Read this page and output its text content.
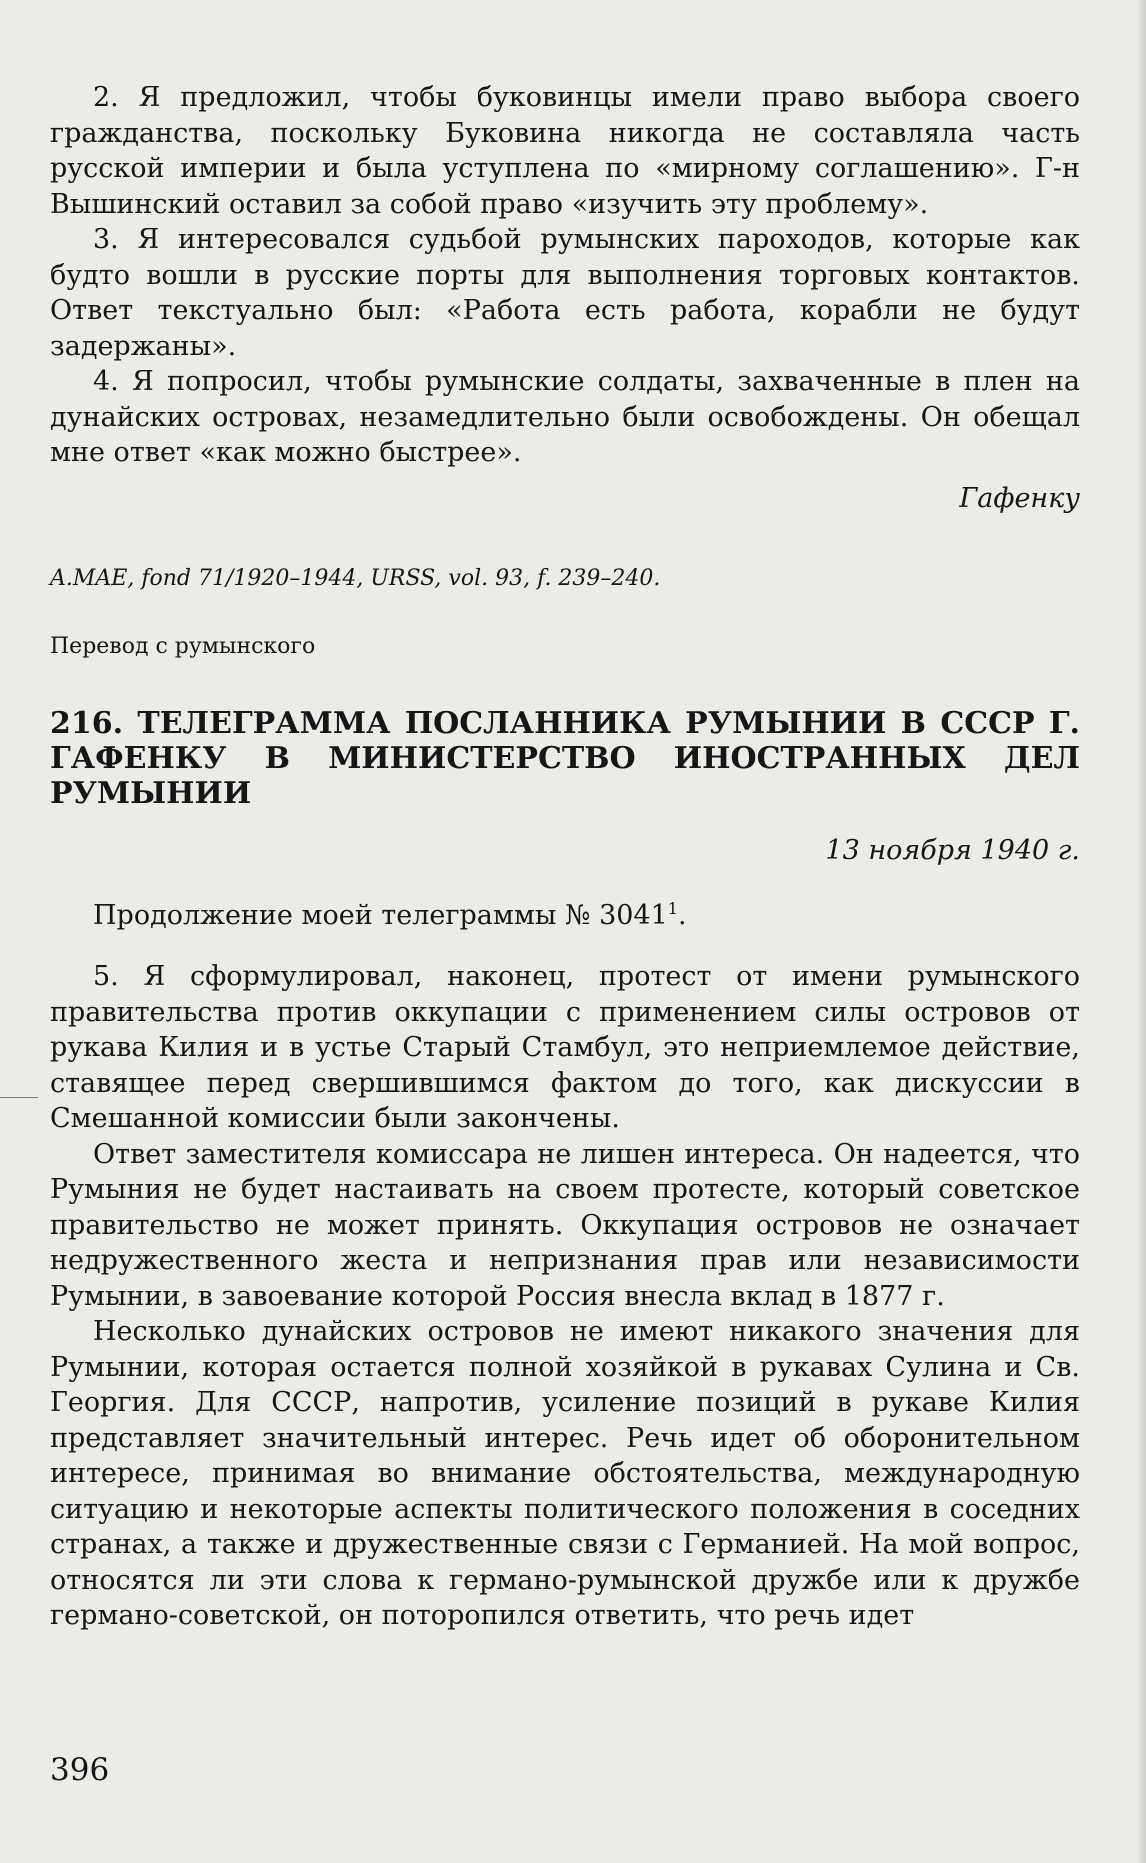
2. Я предложил, чтобы буковинцы имели право выбора своего гражданства, поскольку Буковина никогда не составляла часть русской империи и была уступлена по «мирному соглашению». Г-н Вышинский оставил за собой право «изучить эту проблему».

3. Я интересовался судьбой румынских пароходов, которые как будто вошли в русские порты для выполнения торговых контактов. Ответ текстуально был: «Работа есть работа, корабли не будут задержаны».

4. Я попросил, чтобы румынские солдаты, захваченные в плен на дунайских островах, незамедлительно были освобождены. Он обещал мне ответ «как можно быстрее».

Гафенку

A.MAE, fond 71/1920–1944, URSS, vol. 93, f. 239–240.

Перевод с румынского

216. ТЕЛЕГРАММА ПОСЛАННИКА РУМЫНИИ В СССР Г. ГАФЕНКУ В МИНИСТЕРСТВО ИНОСТРАННЫХ ДЕЛ РУМЫНИИ

13 ноября 1940 г.

Продолжение моей телеграммы № 3041$^1$.

5. Я сформулировал, наконец, протест от имени румынского правительства против оккупации с применением силы островов от рукава Килия и в устье Старый Стамбул, это неприемлемое действие, ставящее перед свершившимся фактом до того, как дискуссии в Смешанной комиссии были закончены.

Ответ заместителя комиссара не лишен интереса. Он надеется, что Румыния не будет настаивать на своем протесте, который советское правительство не может принять. Оккупация островов не означает недружественного жеста и непризнания прав или независимости Румынии, в завоевание которой Россия внесла вклад в 1877 г.

Несколько дунайских островов не имеют никакого значения для Румынии, которая остается полной хозяйкой в рукавах Сулина и Св. Георгия. Для СССР, напротив, усиление позиций в рукаве Килия представляет значительный интерес. Речь идет об оборонительном интересе, принимая во внимание обстоятельства, международную ситуацию и некоторые аспекты политического положения в соседних странах, а также и дружественные связи с Германией. На мой вопрос, относятся ли эти слова к германо-румынской дружбе или к дружбе германо-советской, он поторопился ответить, что речь идет

396
